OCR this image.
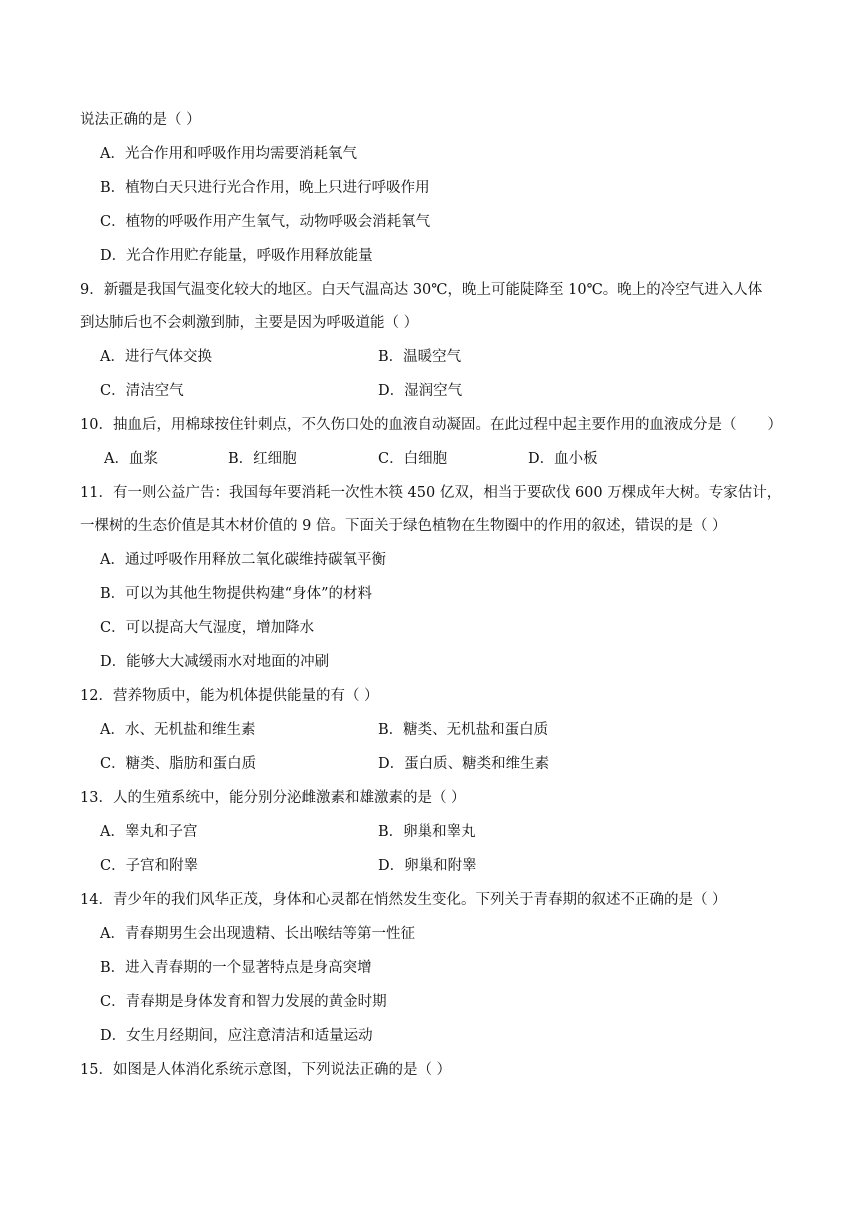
说法正确的是（ ）
A．光合作用和呼吸作用均需要消耗氧气
B．植物白天只进行光合作用，晚上只进行呼吸作用
C．植物的呼吸作用产生氧气，动物呼吸会消耗氧气
D．光合作用贮存能量，呼吸作用释放能量
9．新疆是我国气温变化较大的地区。白天气温高达 30℃，晚上可能陡降至 10℃。晚上的冷空气进入人体
到达肺后也不会刺激到肺，主要是因为呼吸道能（ ）
A．进行气体交换	B．温暖空气
C．清洁空气	D．湿润空气
10．抽血后，用棉球按住针刺点，不久伤口处的血液自动凝固。在此过程中起主要作用的血液成分是（ ）
A．血浆	B．红细胞	C．白细胞	D．血小板
11．有一则公益广告：我国每年要消耗一次性木筷 450 亿双，相当于要砍伐 600 万棵成年大树。专家估计，
一棵树的生态价值是其木材价值的 9 倍。下面关于绿色植物在生物圈中的作用的叙述，错误的是（ ）
A．通过呼吸作用释放二氧化碳维持碳氧平衡
B．可以为其他生物提供构建“身体”的材料
C．可以提高大气湿度，增加降水
D．能够大大减缓雨水对地面的冲刷
12．营养物质中，能为机体提供能量的有（ ）
A．水、无机盐和维生素	B．糖类、无机盐和蛋白质
C．糖类、脂肪和蛋白质	D．蛋白质、糖类和维生素
13．人的生殖系统中，能分别分泌雌激素和雄激素的是（ ）
A．睾丸和子宫	B．卵巢和睾丸
C．子宫和附睾	D．卵巢和附睾
14．青少年的我们风华正茂，身体和心灵都在悄然发生变化。下列关于青春期的叙述不正确的是（ ）
A．青春期男生会出现遗精、长出喉结等第一性征
B．进入青春期的一个显著特点是身高突增
C．青春期是身体发育和智力发展的黄金时期
D．女生月经期间，应注意清洁和适量运动
15．如图是人体消化系统示意图，下列说法正确的是（ ）
